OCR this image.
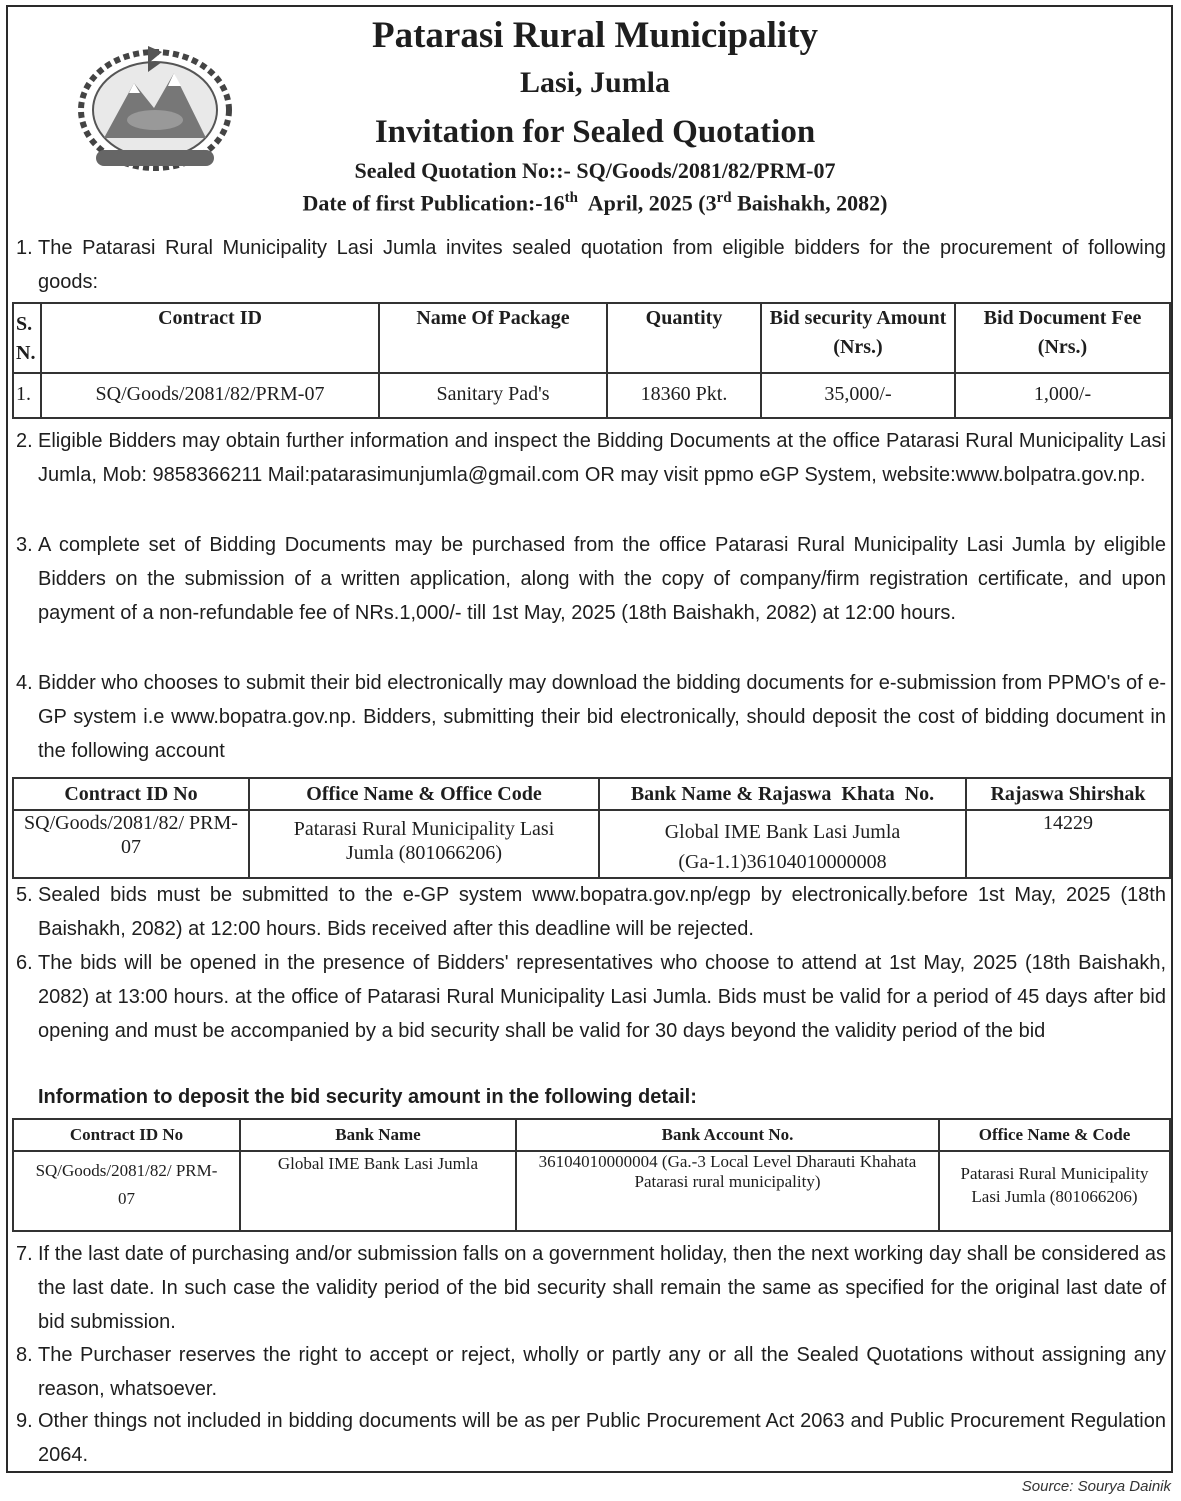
Patarasi Rural Municipality
Lasi, Jumla
Invitation for Sealed Quotation
Sealed Quotation No::- SQ/Goods/2081/82/PRM-07
Date of first Publication:-16th  April, 2025 (3rd Baishakh, 2082)
1. The Patarasi Rural Municipality Lasi Jumla invites sealed quotation from eligible bidders for the procurement of following goods:
S. N.	Contract ID	Name Of Package	Quantity	Bid security Amount (Nrs.)	Bid Document Fee (Nrs.)
1.	SQ/Goods/2081/82/PRM-07	Sanitary Pad's	18360 Pkt.	35,000/-	1,000/-
2. Eligible Bidders may obtain further information and inspect the Bidding Documents at the office Patarasi Rural Municipality Lasi Jumla, Mob: 9858366211 Mail:patarasimunjumla@gmail.com OR may visit ppmo eGP System, website:www.bolpatra.gov.np.
3. A complete set of Bidding Documents may be purchased from the office Patarasi Rural Municipality Lasi Jumla by eligible Bidders on the submission of a written application, along with the copy of company/firm registration certificate, and upon payment of a non-refundable fee of NRs.1,000/- till 1st May, 2025 (18th Baishakh, 2082) at 12:00 hours.
4. Bidder who chooses to submit their bid electronically may download the bidding documents for e-submission from PPMO's of e-GP system i.e www.bopatra.gov.np. Bidders, submitting their bid electronically, should deposit the cost of bidding document in the following account
Contract ID No	Office Name & Office Code	Bank Name & Rajaswa  Khata  No.	Rajaswa Shirshak
SQ/Goods/2081/82/ PRM-07	Patarasi Rural Municipality Lasi Jumla (801066206)	Global IME Bank Lasi Jumla (Ga-1.1)36104010000008	14229
5. Sealed bids must be submitted to the e-GP system www.bopatra.gov.np/egp by electronically.before 1st May, 2025 (18th Baishakh, 2082) at 12:00 hours. Bids received after this deadline will be rejected.
6. The bids will be opened in the presence of Bidders' representatives who choose to attend at 1st May, 2025 (18th Baishakh, 2082) at 13:00 hours. at the office of Patarasi Rural Municipality Lasi Jumla. Bids must be valid for a period of 45 days after bid opening and must be accompanied by a bid security shall be valid for 30 days beyond the validity period of the bid
Information to deposit the bid security amount in the following detail:
Contract ID No	Bank Name	Bank Account No.	Office Name & Code
SQ/Goods/2081/82/ PRM-07	Global IME Bank Lasi Jumla	36104010000004 (Ga.-3 Local Level Dharauti Khahata Patarasi rural municipality)	Patarasi Rural Municipality Lasi Jumla (801066206)
7. If the last date of purchasing and/or submission falls on a government holiday, then the next working day shall be considered as the last date. In such case the validity period of the bid security shall remain the same as specified for the original last date of bid submission.
8. The Purchaser reserves the right to accept or reject, wholly or partly any or all the Sealed Quotations without assigning any reason, whatsoever.
9. Other things not included in bidding documents will be as per Public Procurement Act 2063 and Public Procurement Regulation 2064.
Source: Sourya Dainik
